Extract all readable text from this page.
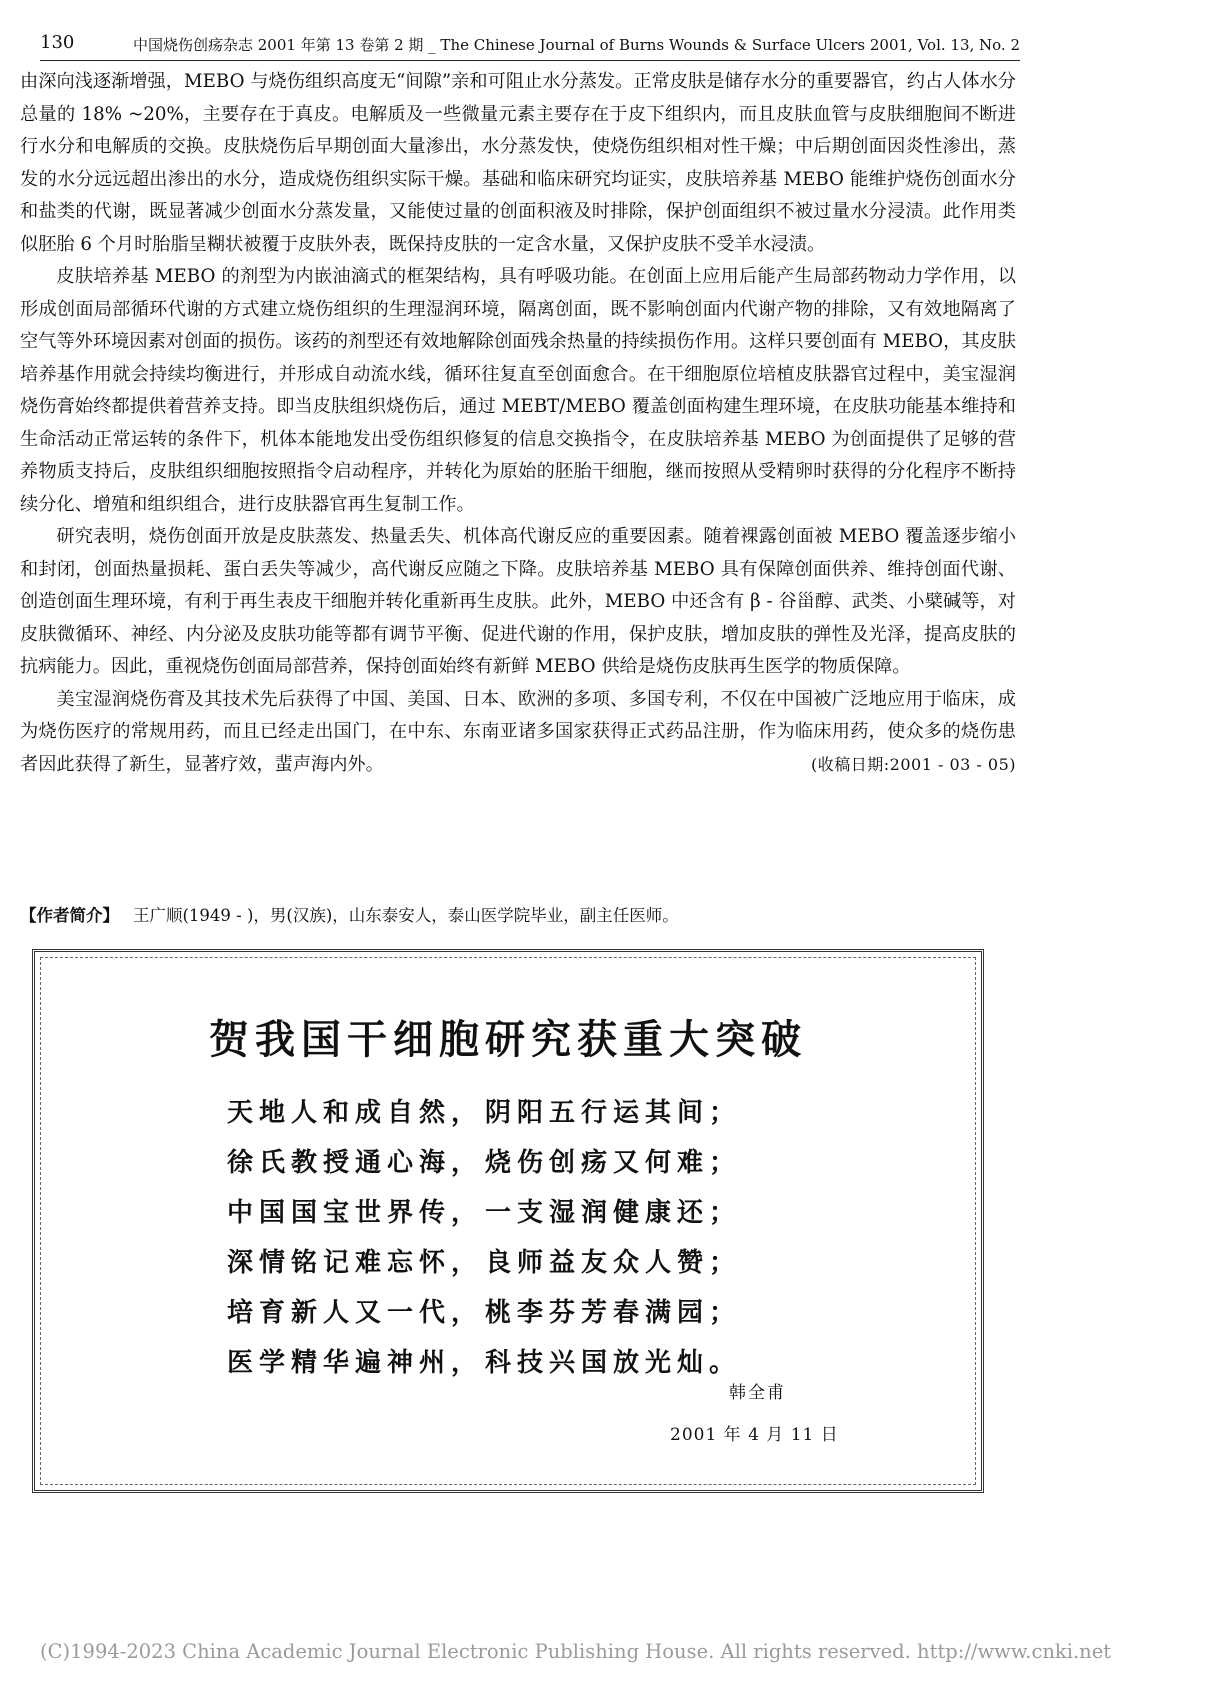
130	中国烧伤创疡杂志 2001 年第 13 卷第 2 期 _ The Chinese Journal of Burns Wounds & Surface Ulcers 2001, Vol. 13, No. 2

由深向浅逐渐增强，MEBO 与烧伤组织高度无“间隙”亲和可阻止水分蒸发。正常皮肤是储存水分的重要器官，约占人体水分总量的 18% ~20%，主要存在于真皮。电解质及一些微量元素主要存在于皮下组织内，而且皮肤血管与皮肤细胞间不断进行水分和电解质的交换。皮肤烧伤后早期创面大量渗出，水分蒸发快，使烧伤组织相对性干燥；中后期创面因炎性渗出，蒸发的水分远远超出渗出的水分，造成烧伤组织实际干燥。基础和临床研究均证实，皮肤培养基 MEBO 能维护烧伤创面水分和盐类的代谢，既显著减少创面水分蒸发量，又能使过量的创面积液及时排除，保护创面组织不被过量水分浸渍。此作用类似胚胎 6 个月时胎脂呈糊状被覆于皮肤外表，既保持皮肤的一定含水量，又保护皮肤不受羊水浸渍。

皮肤培养基 MEBO 的剂型为内嵌油滴式的框架结构，具有呼吸功能。在创面上应用后能产生局部药物动力学作用，以形成创面局部循环代谢的方式建立烧伤组织的生理湿润环境，隔离创面，既不影响创面内代谢产物的排除，又有效地隔离了空气等外环境因素对创面的损伤。该药的剂型还有效地解除创面残余热量的持续损伤作用。这样只要创面有 MEBO，其皮肤培养基作用就会持续均衡进行，并形成自动流水线，循环往复直至创面愈合。在干细胞原位培植皮肤器官过程中，美宝湿润烧伤膏始终都提供着营养支持。即当皮肤组织烧伤后，通过 MEBT/MEBO 覆盖创面构建生理环境，在皮肤功能基本维持和生命活动正常运转的条件下，机体本能地发出受伤组织修复的信息交换指令，在皮肤培养基 MEBO 为创面提供了足够的营养物质支持后，皮肤组织细胞按照指令启动程序，并转化为原始的胚胎干细胞，继而按照从受精卵时获得的分化程序不断持续分化、增殖和组织组合，进行皮肤器官再生复制工作。

研究表明，烧伤创面开放是皮肤蒸发、热量丢失、机体高代谢反应的重要因素。随着裸露创面被 MEBO 覆盖逐步缩小和封闭，创面热量损耗、蛋白丢失等减少，高代谢反应随之下降。皮肤培养基 MEBO 具有保障创面供养、维持创面代谢、创造创面生理环境，有利于再生表皮干细胞并转化重新再生皮肤。此外，MEBO 中还含有 β - 谷甾醇、武类、小檗碱等，对皮肤微循环、神经、内分泌及皮肤功能等都有调节平衡、促进代谢的作用，保护皮肤，增加皮肤的弹性及光泽，提高皮肤的抗病能力。因此，重视烧伤创面局部营养，保持创面始终有新鲜 MEBO 供给是烧伤皮肤再生医学的物质保障。

美宝湿润烧伤膏及其技术先后获得了中国、美国、日本、欧洲的多项、多国专利，不仅在中国被广泛地应用于临床，成为烧伤医疗的常规用药，而且已经走出国门，在中东、东南亚诸多国家获得正式药品注册，作为临床用药，使众多的烧伤患者因此获得了新生，显著疗效，蜚声海内外。	(收稿日期:2001 - 03 - 05)

【作者简介】 王广顺(1949 - )，男(汉族)，山东泰安人，泰山医学院毕业，副主任医师。
贺我国干细胞研究获重大突破
天地人和成自然，阴阳五行运其间；
徐氏教授通心海，烧伤创疡又何难；
中国国宝世界传，一支湿润健康还；
深情铭记难忘怀，良师益友众人赞；
培育新人又一代，桃李芬芳春满园；
医学精华遍神州，科技兴国放光灿。
韩全甫
2001 年 4 月 11 日
(C)1994-2023 China Academic Journal Electronic Publishing House. All rights reserved. http://www.cnki.net
